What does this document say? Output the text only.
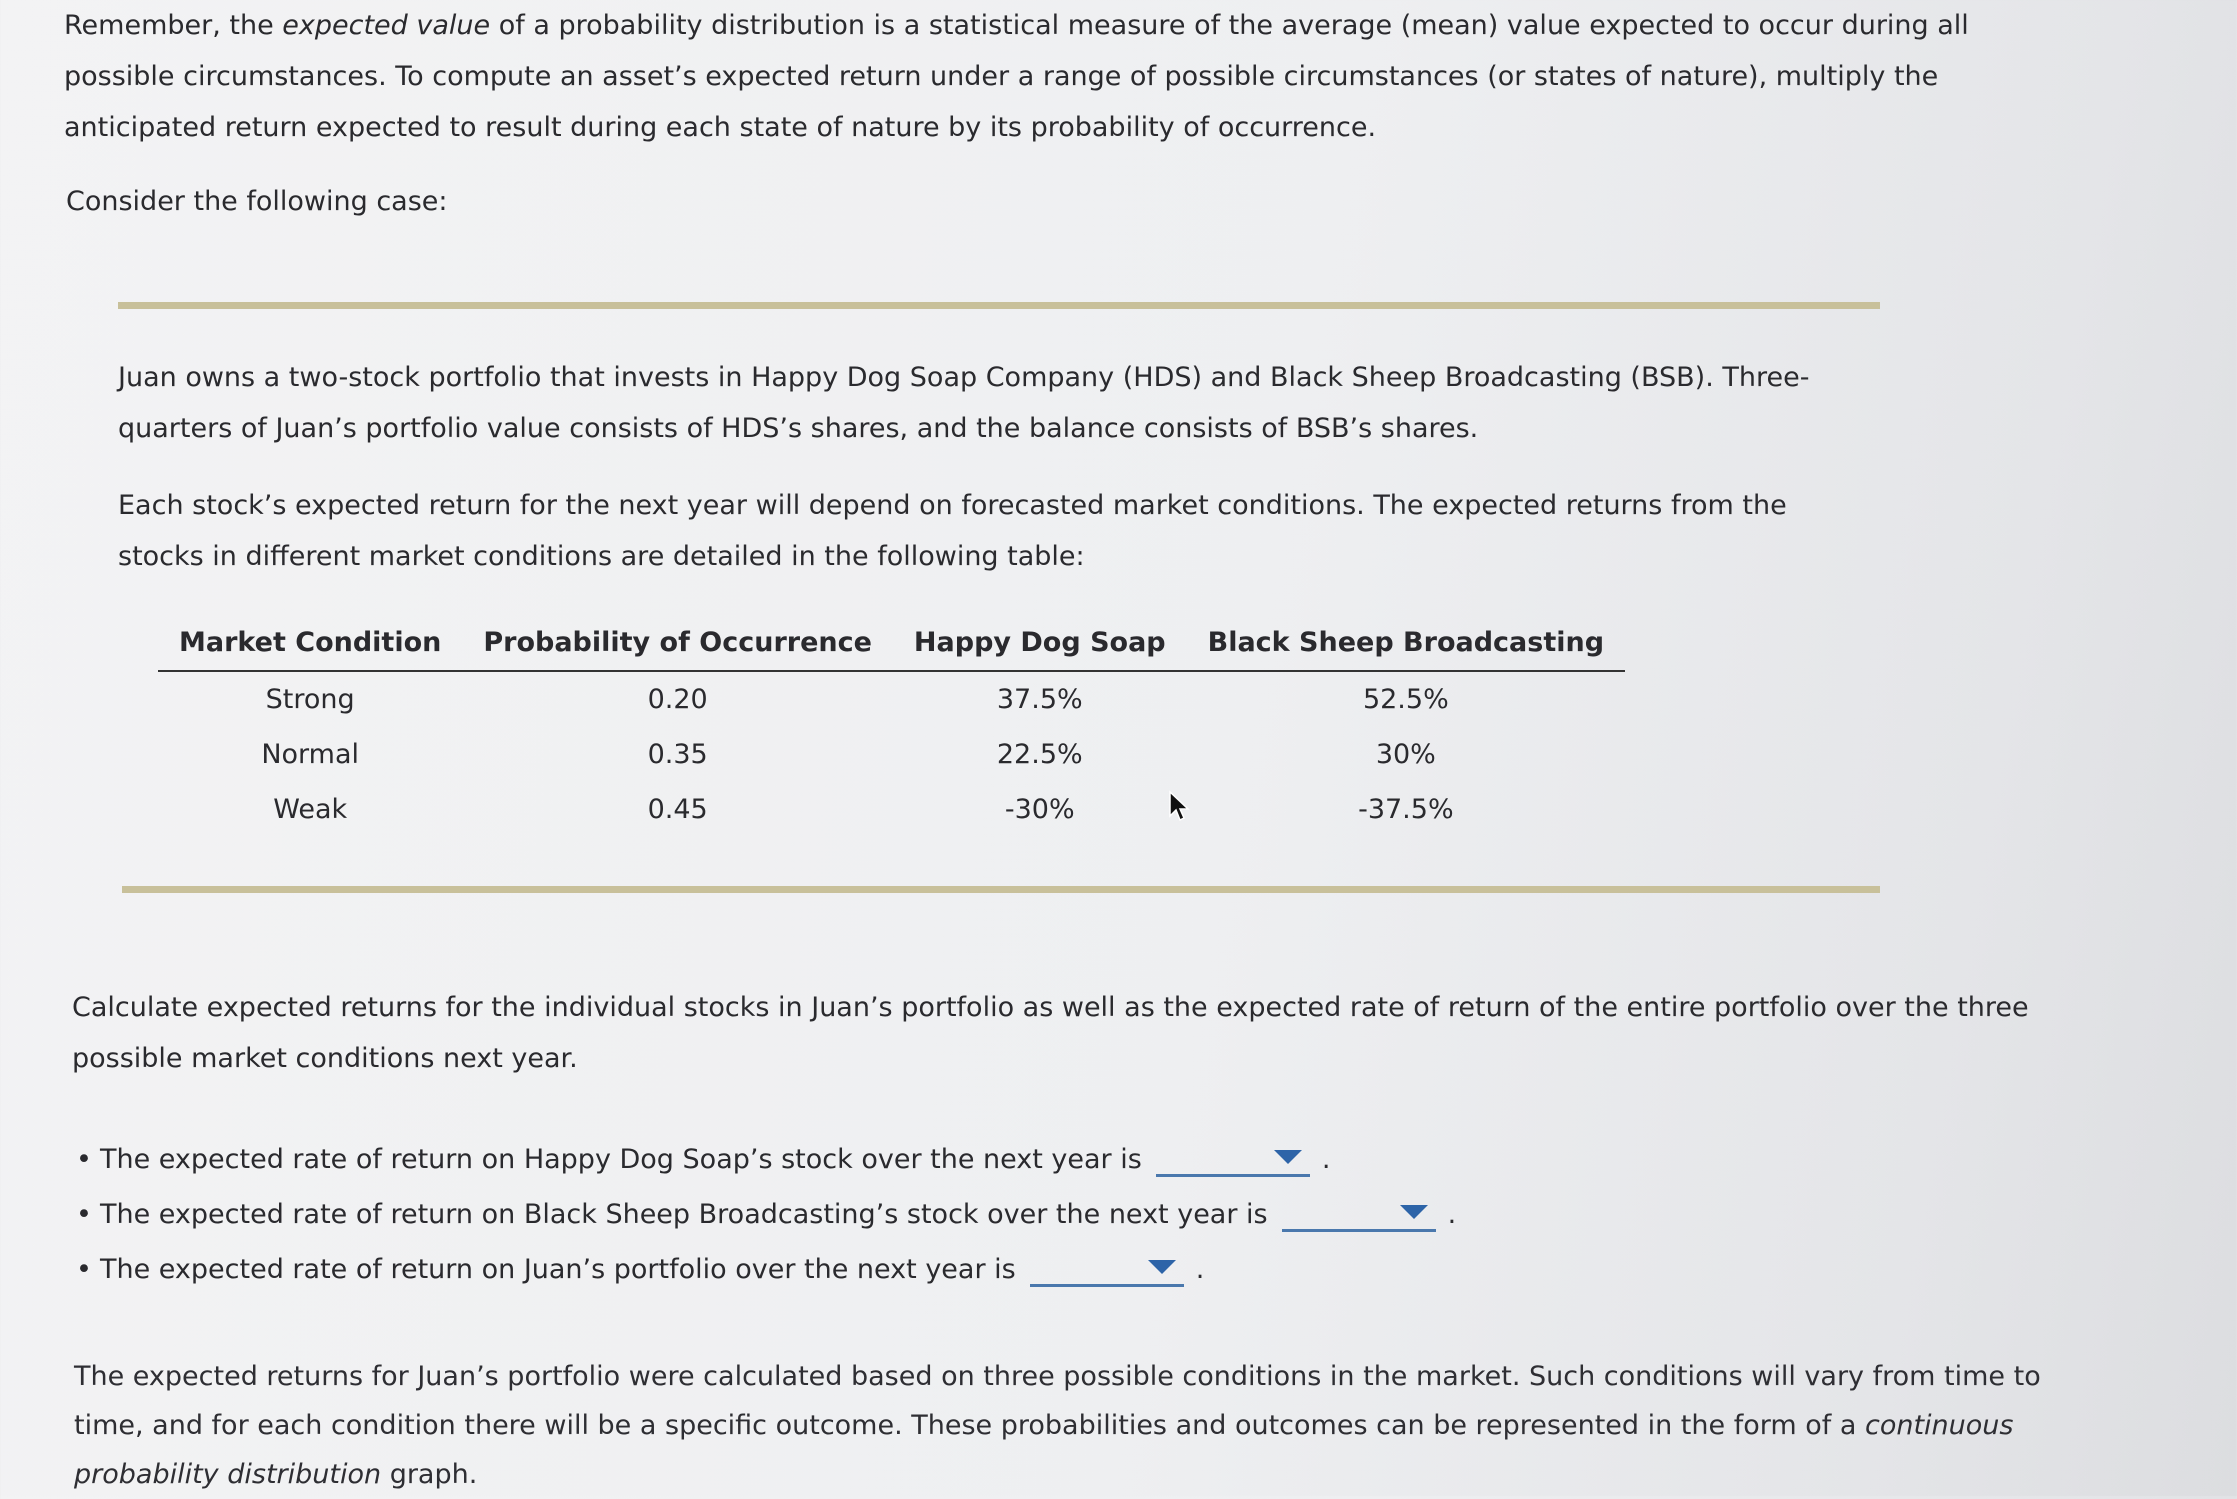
Remember, the expected value of a probability distribution is a statistical measure of the average (mean) value expected to occur during all possible circumstances. To compute an asset’s expected return under a range of possible circumstances (or states of nature), multiply the anticipated return expected to result during each state of nature by its probability of occurrence.

Consider the following case:

Juan owns a two-stock portfolio that invests in Happy Dog Soap Company (HDS) and Black Sheep Broadcasting (BSB). Three-quarters of Juan’s portfolio value consists of HDS’s shares, and the balance consists of BSB’s shares.

Each stock’s expected return for the next year will depend on forecasted market conditions. The expected returns from the stocks in different market conditions are detailed in the following table:

Market Condition	Probability of Occurrence	Happy Dog Soap	Black Sheep Broadcasting
Strong	0.20	37.5%	52.5%
Normal	0.35	22.5%	30%
Weak	0.45	-30%	-37.5%

Calculate expected returns for the individual stocks in Juan’s portfolio as well as the expected rate of return of the entire portfolio over the three possible market conditions next year.

• The expected rate of return on Happy Dog Soap’s stock over the next year is	.
• The expected rate of return on Black Sheep Broadcasting’s stock over the next year is	.
• The expected rate of return on Juan’s portfolio over the next year is	.

The expected returns for Juan’s portfolio were calculated based on three possible conditions in the market. Such conditions will vary from time to time, and for each condition there will be a specific outcome. These probabilities and outcomes can be represented in the form of a continuous probability distribution graph.
